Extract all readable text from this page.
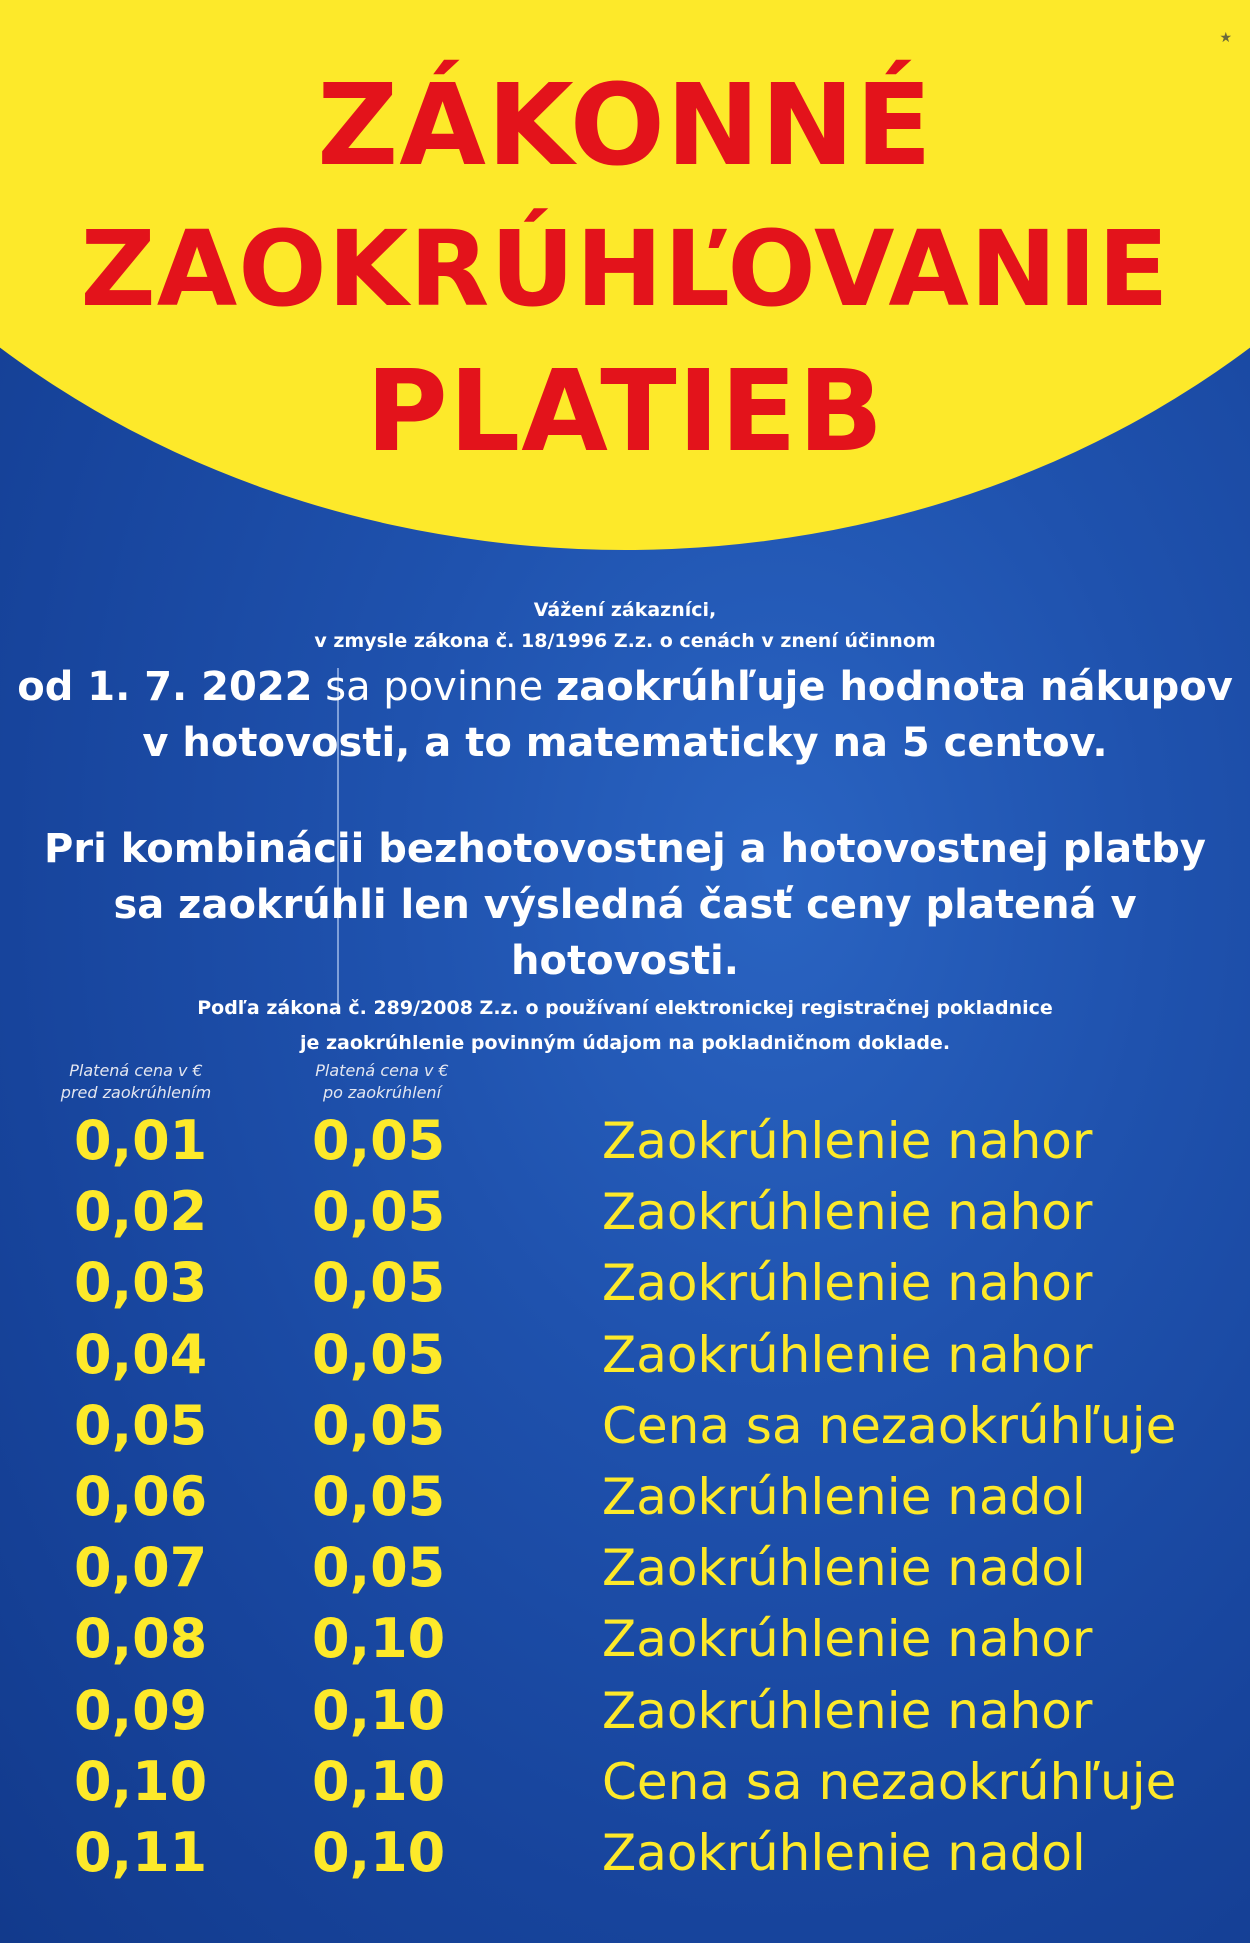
★
ZÁKONNÉ
ZAOKRÚHĽOVANIE
PLATIEB
Vážení zákazníci,
v zmysle zákona č. 18/1996 Z.z. o cenách v znení účinnom
od 1. 7. 2022 sa povinne zaokrúhľuje hodnota nákupov
v hotovosti, a to matematicky na 5 centov.
Pri kombinácii bezhotovostnej a hotovostnej platby
sa zaokrúhli len výsledná časť ceny platená v hotovosti.
Podľa zákona č. 289/2008 Z.z. o používaní elektronickej registračnej pokladnice
je zaokrúhlenie povinným údajom na pokladničnom doklade.
Platená cena v €
pred zaokrúhlením
Platená cena v €
po zaokrúhlení
0,01 0,05	Zaokrúhlenie nahor
0,02 0,05	Zaokrúhlenie nahor
0,03 0,05	Zaokrúhlenie nahor
0,04 0,05	Zaokrúhlenie nahor
0,05 0,05	Cena sa nezaokrúhľuje
0,06 0,05	Zaokrúhlenie nadol
0,07 0,05	Zaokrúhlenie nadol
0,08 0,10	Zaokrúhlenie nahor
0,09 0,10	Zaokrúhlenie nahor
0,10 0,10	Cena sa nezaokrúhľuje
0,11 0,10	Zaokrúhlenie nadol
